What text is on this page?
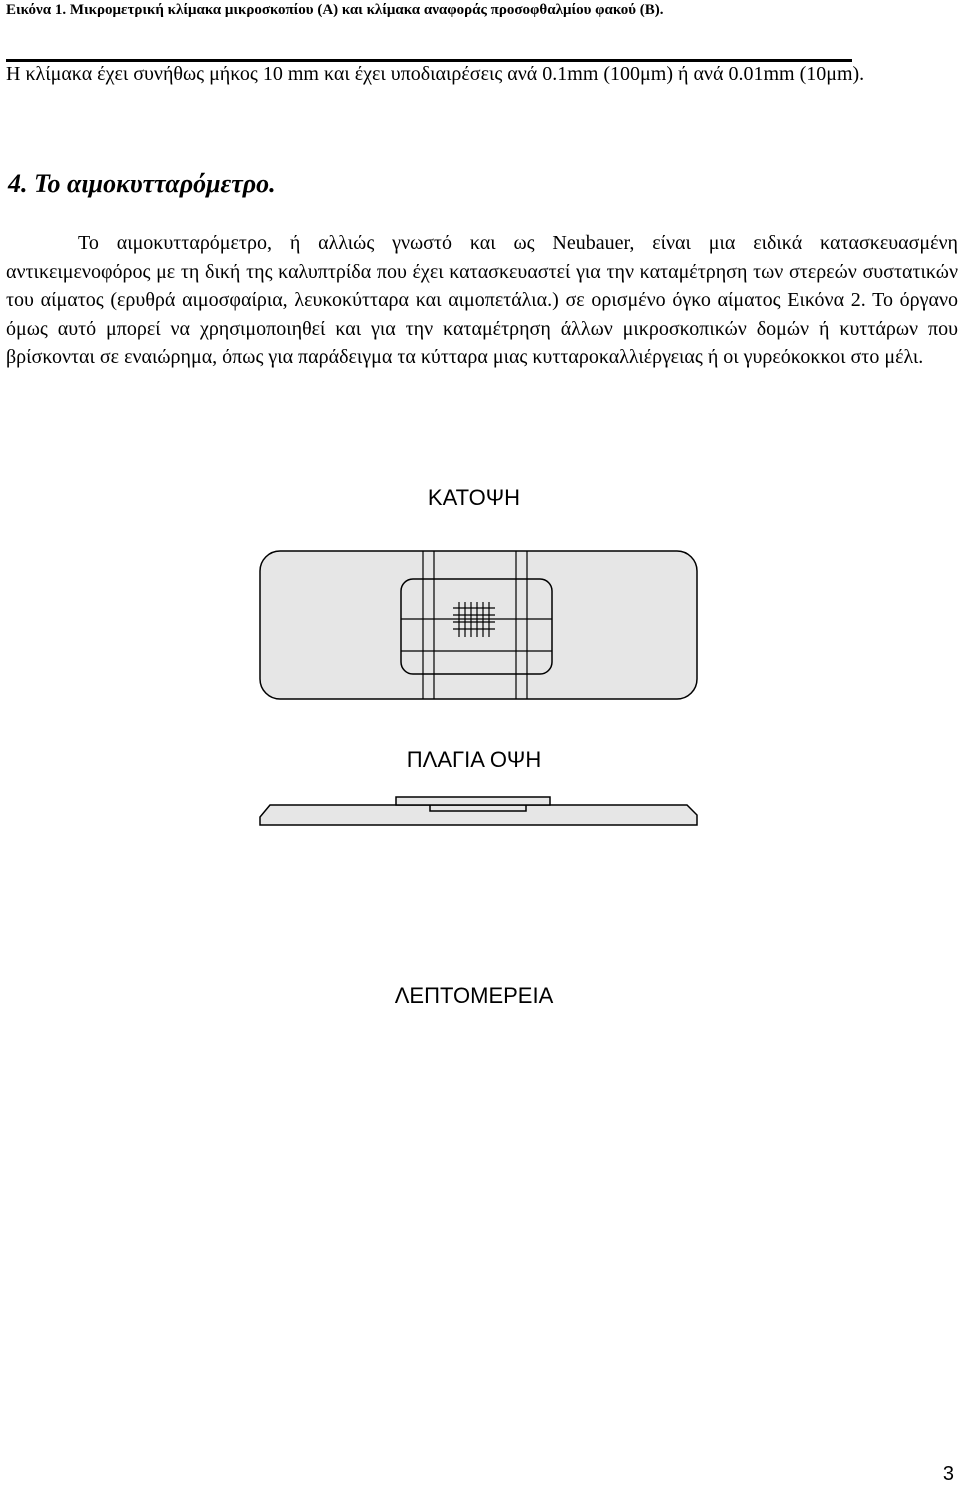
Εικόνα 1. Μικρομετρική κλίμακα μικροσκοπίου (Α) και κλίμακα αναφοράς προσοφθαλμίου φακού (Β).
Η κλίμακα έχει συνήθως μήκος 10 mm και έχει υποδιαιρέσεις ανά 0.1mm (100μm) ή ανά 0.01mm (10μm).
4. Το αιμοκυτταρόμετρο.

Το αιμοκυτταρόμετρο, ή αλλιώς γνωστό και ως Neubauer, είναι μια ειδικά κατασκευασμένη αντικειμενοφόρος με τη δική της καλυπτρίδα που έχει κατασκευαστεί για την καταμέτρηση των στερεών συστατικών του αίματος (ερυθρά αιμοσφαίρια, λευκοκύτταρα και αιμοπετάλια.) σε ορισμένο όγκο αίματος Εικόνα 2. Το όργανο όμως αυτό μπορεί να χρησιμοποιηθεί και για την καταμέτρηση άλλων μικροσκοπικών δομών ή κυττάρων που βρίσκονται σε εναιώρημα, όπως για παράδειγμα τα κύτταρα μιας κυτταροκαλλιέργειας ή οι γυρεόκοκκοι στο μέλι.

ΚΑΤΟΨΗ
ΠΛΑΓΙΑ ΟΨΗ
ΛΕΠΤΟΜΕΡΕΙΑ
3
